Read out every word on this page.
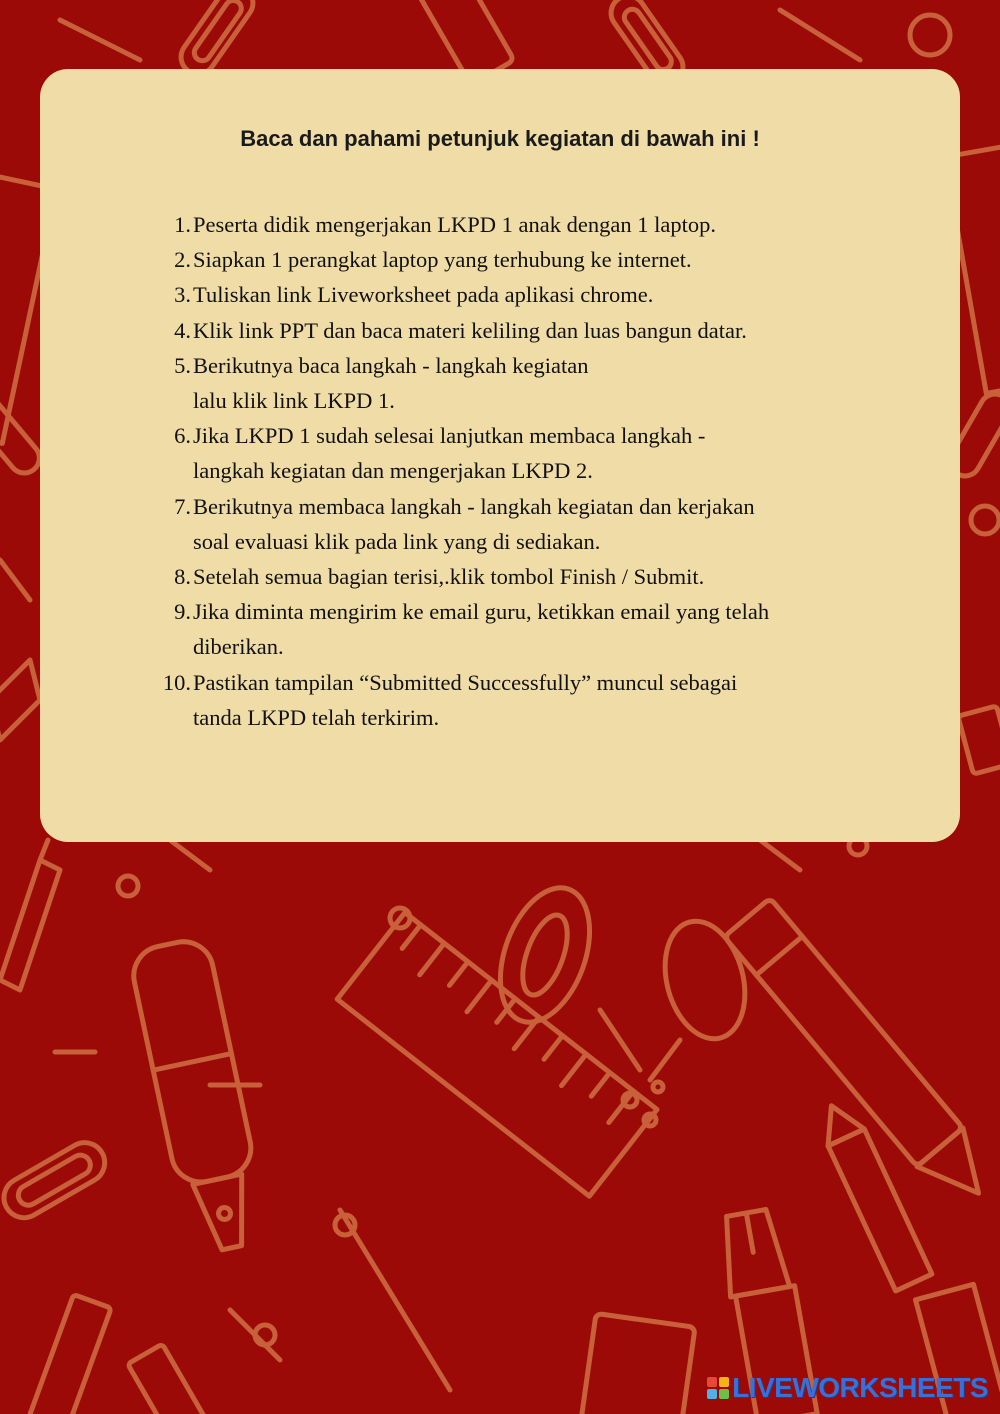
Baca dan pahami petunjuk kegiatan di bawah ini !
1. Peserta didik mengerjakan LKPD 1 anak dengan 1 laptop.
2. Siapkan 1 perangkat laptop yang terhubung ke internet.
3. Tuliskan link Liveworksheet pada aplikasi chrome.
4. Klik link PPT dan baca materi keliling dan luas bangun datar.
5. Berikutnya baca langkah - langkah kegiatan
lalu klik link LKPD 1.
6. Jika LKPD 1 sudah selesai lanjutkan membaca langkah -
langkah kegiatan dan mengerjakan LKPD 2.
7. Berikutnya membaca langkah - langkah kegiatan dan kerjakan
soal evaluasi klik pada link yang di sediakan.
8. Setelah semua bagian terisi,.klik tombol Finish / Submit.
9. Jika diminta mengirim ke email guru, ketikkan email yang telah
diberikan.
10. Pastikan tampilan “Submitted Successfully” muncul sebagai
tanda LKPD telah terkirim.
LIVEWORKSHEETS
